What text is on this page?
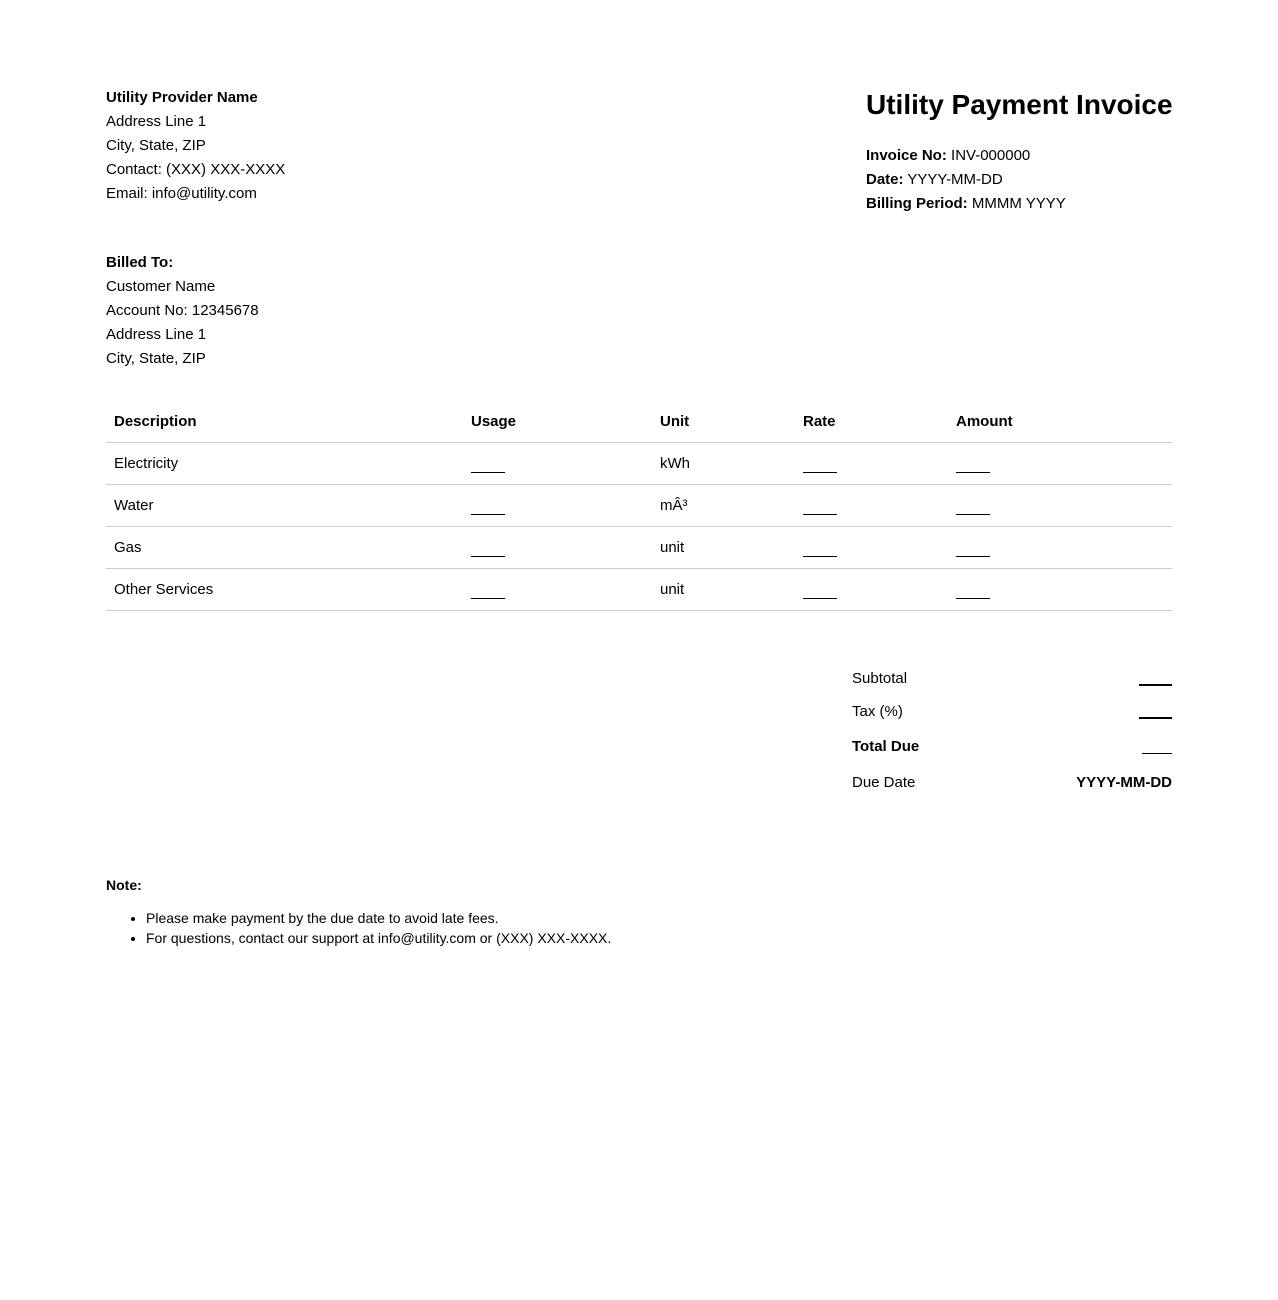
Utility Provider Name
Address Line 1
City, State, ZIP
Contact: (XXX) XXX-XXXX
Email: info@utility.com
Utility Payment Invoice
Invoice No: INV-000000
Date: YYYY-MM-DD
Billing Period: MMMM YYYY
Billed To:
Customer Name
Account No: 12345678
Address Line 1
City, State, ZIP
Description	Usage	Unit	Rate	Amount
Electricity		kWh		
Water		mÂ³		
Gas		unit		
Other Services		unit		
Subtotal
Tax (%)
Total Due
Due Date	YYYY-MM-DD
Note:
• Please make payment by the due date to avoid late fees.
• For questions, contact our support at info@utility.com or (XXX) XXX-XXXX.
